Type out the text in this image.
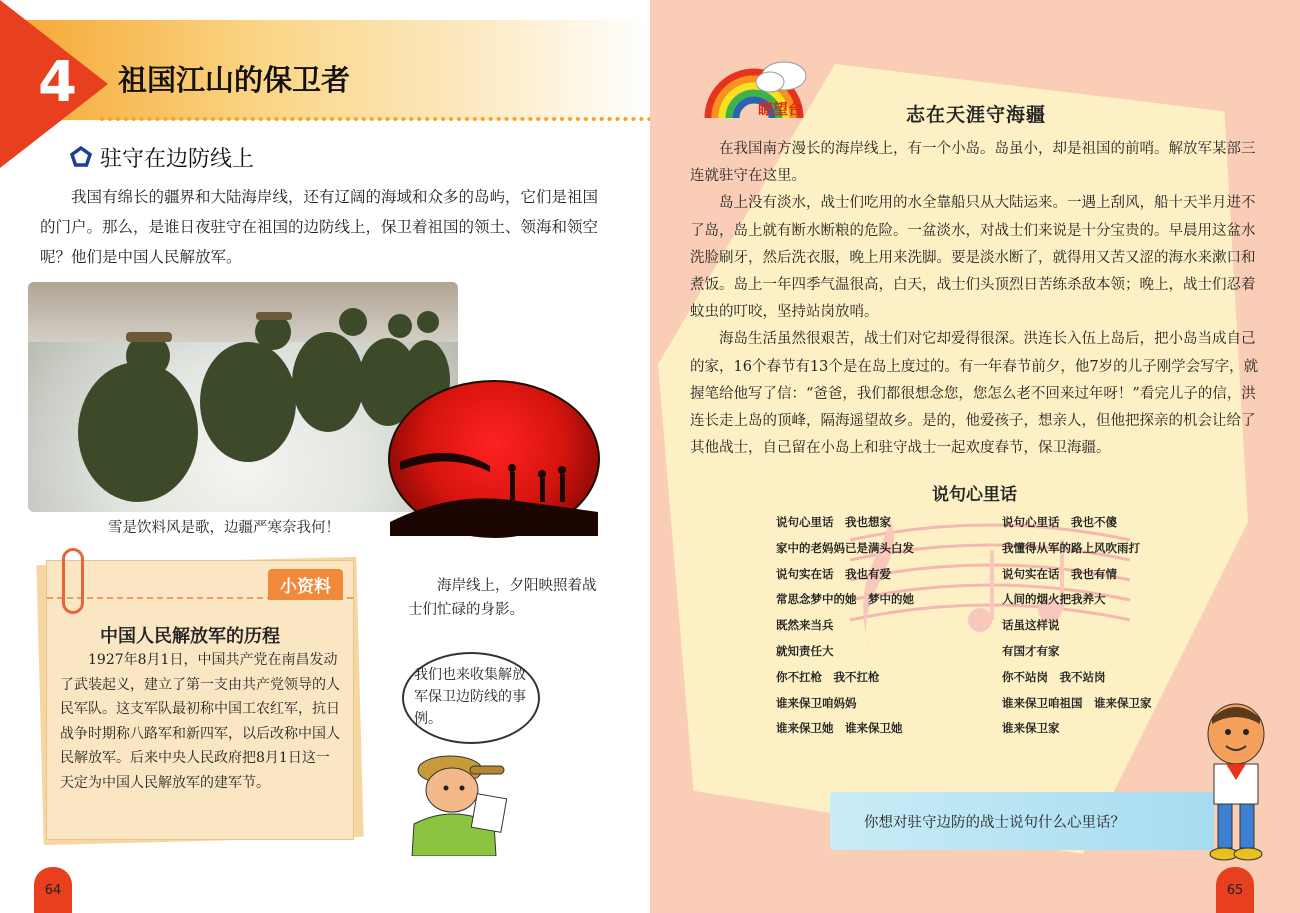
4 祖国江山的保卫者
驻守在边防线上
我国有绵长的疆界和大陆海岸线，还有辽阔的海域和众多的岛屿，它们是祖国的门户。那么，是谁日夜驻守在祖国的边防线上，保卫着祖国的领土、领海和领空呢？他们是中国人民解放军。
雪是饮料风是歌，边疆严寒奈我何！
海岸线上，夕阳映照着战士们忙碌的身影。
小资料
中国人民解放军的历程
1927年8月1日，中国共产党在南昌发动了武装起义，建立了第一支由共产党领导的人民军队。这支军队最初称中国工农红军，抗日战争时期称八路军和新四军，以后改称中国人民解放军。后来中央人民政府把8月1日这一天定为中国人民解放军的建军节。
我们也来收集解放军保卫边防线的事例。
64
瞭望台	志在天涯守海疆

在我国南方漫长的海岸线上，有一个小岛。岛虽小，却是祖国的前哨。解放军某部三连就驻守在这里。

岛上没有淡水，战士们吃用的水全靠船只从大陆运来。一遇上刮风，船十天半月进不了岛，岛上就有断水断粮的危险。一盆淡水，对战士们来说是十分宝贵的。早晨用这盆水洗脸刷牙，然后洗衣服，晚上用来洗脚。要是淡水断了，就得用又苦又涩的海水来漱口和煮饭。岛上一年四季气温很高，白天，战士们头顶烈日苦练杀敌本领；晚上，战士们忍着蚊虫的叮咬，坚持站岗放哨。

海岛生活虽然很艰苦，战士们对它却爱得很深。洪连长入伍上岛后，把小岛当成自己的家，16个春节有13个是在岛上度过的。有一年春节前夕，他7岁的儿子刚学会写字，就握笔给他写了信：“爸爸，我们都很想念您，您怎么老不回来过年呀！”看完儿子的信，洪连长走上岛的顶峰，隔海遥望故乡。是的，他爱孩子，想亲人，但他把探亲的机会让给了其他战士，自己留在小岛上和驻守战士一起欢度春节，保卫海疆。

说句心里话
说句心里话　我也想家
家中的老妈妈已是满头白发
说句实在话　我也有爱
常思念梦中的她　梦中的她
既然来当兵
就知责任大
你不扛枪　我不扛枪
谁来保卫咱妈妈
谁来保卫她　谁来保卫她
说句心里话　我也不傻
我懂得从军的路上风吹雨打
说句实在话　我也有情
人间的烟火把我养大
话虽这样说
有国才有家
你不站岗　我不站岗
谁来保卫咱祖国　谁来保卫家
谁来保卫家
你想对驻守边防的战士说句什么心里话？
65
